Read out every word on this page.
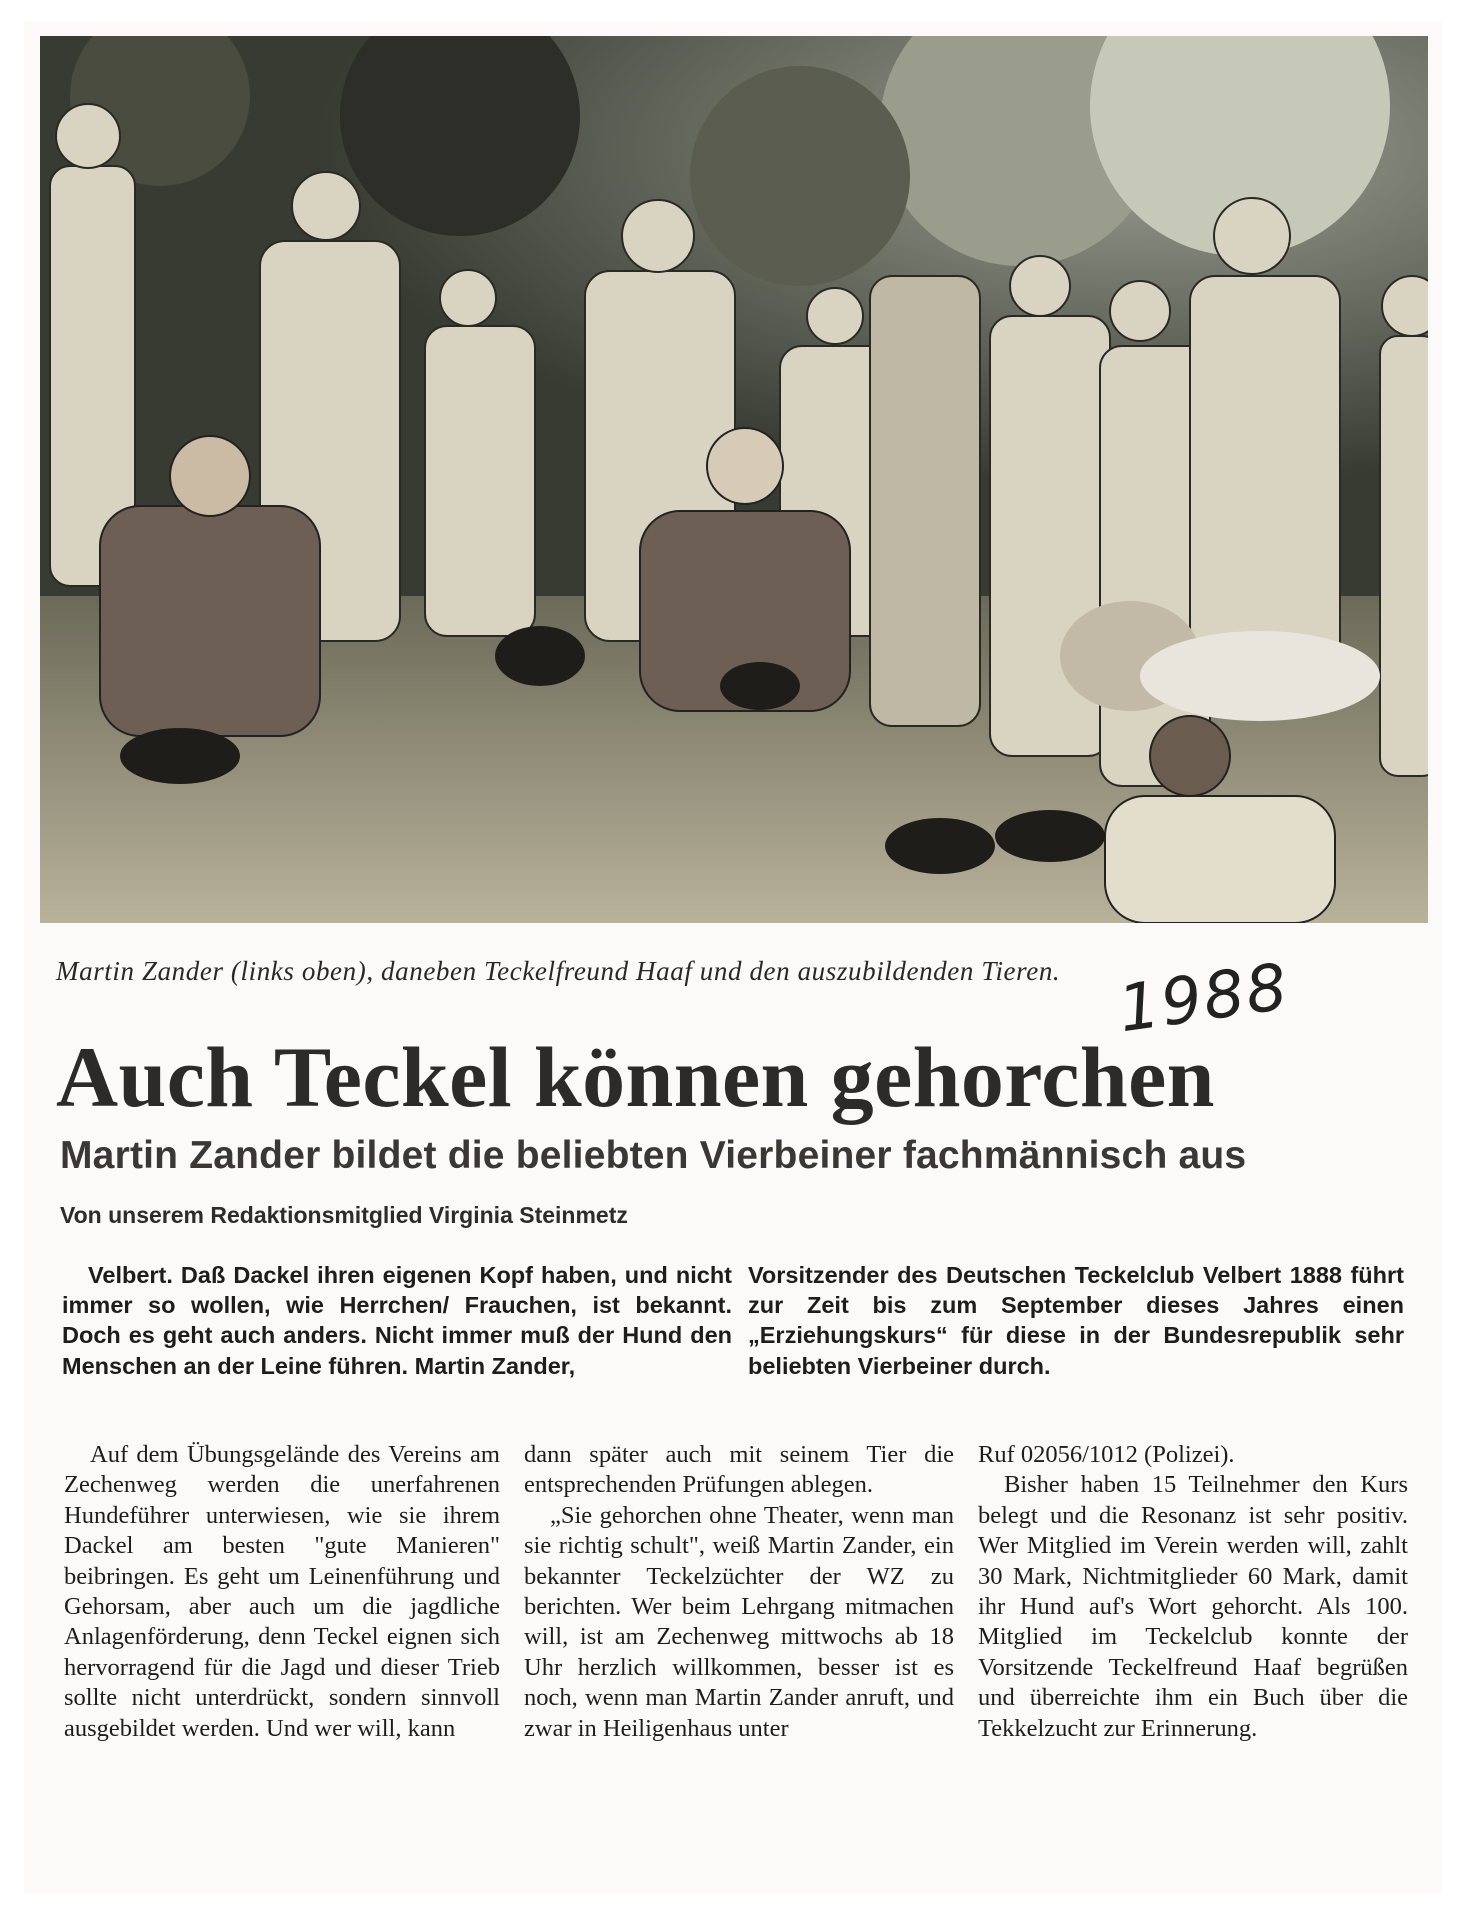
Martin Zander (links oben), daneben Teckelfreund Haaf und den auszubildenden Tieren. 1988
Auch Teckel können gehorchen
Martin Zander bildet die beliebten Vierbeiner fachmännisch aus
Von unserem Redaktionsmitglied Virginia Steinmetz

Velbert. Daß Dackel ihren eigenen Kopf haben, und nicht immer so wollen, wie Herrchen/ Frauchen, ist bekannt. Doch es geht auch anders. Nicht immer muß der Hund den Menschen an der Leine führen. Martin Zander,

Vorsitzender des Deutschen Teckelclub Velbert 1888 führt zur Zeit bis zum September dieses Jahres einen „Erziehungskurs“ für diese in der Bundesrepublik sehr beliebten Vierbeiner durch.

Auf dem Übungsgelände des Vereins am Zechenweg werden die unerfahrenen Hundeführer unterwiesen, wie sie ihrem Dackel am besten "gute Manieren" beibringen. Es geht um Leinenführung und Gehorsam, aber auch um die jagdliche Anlagenförderung, denn Teckel eignen sich hervorragend für die Jagd und dieser Trieb sollte nicht unterdrückt, sondern sinnvoll ausgebildet werden. Und wer will, kann

dann später auch mit seinem Tier die entsprechenden Prüfungen ablegen.

„Sie gehorchen ohne Theater, wenn man sie richtig schult", weiß Martin Zander, ein bekannter Teckelzüchter der WZ zu berichten. Wer beim Lehrgang mitmachen will, ist am Zechenweg mittwochs ab 18 Uhr herzlich willkommen, besser ist es noch, wenn man Martin Zander anruft, und zwar in Heiligenhaus unter

Ruf 02056/1012 (Polizei).

Bisher haben 15 Teilnehmer den Kurs belegt und die Resonanz ist sehr positiv. Wer Mitglied im Verein werden will, zahlt 30 Mark, Nichtmitglieder 60 Mark, damit ihr Hund auf's Wort gehorcht. Als 100. Mitglied im Teckelclub konnte der Vorsitzende Teckelfreund Haaf begrüßen und überreichte ihm ein Buch über die Tekkelzucht zur Erinnerung.
